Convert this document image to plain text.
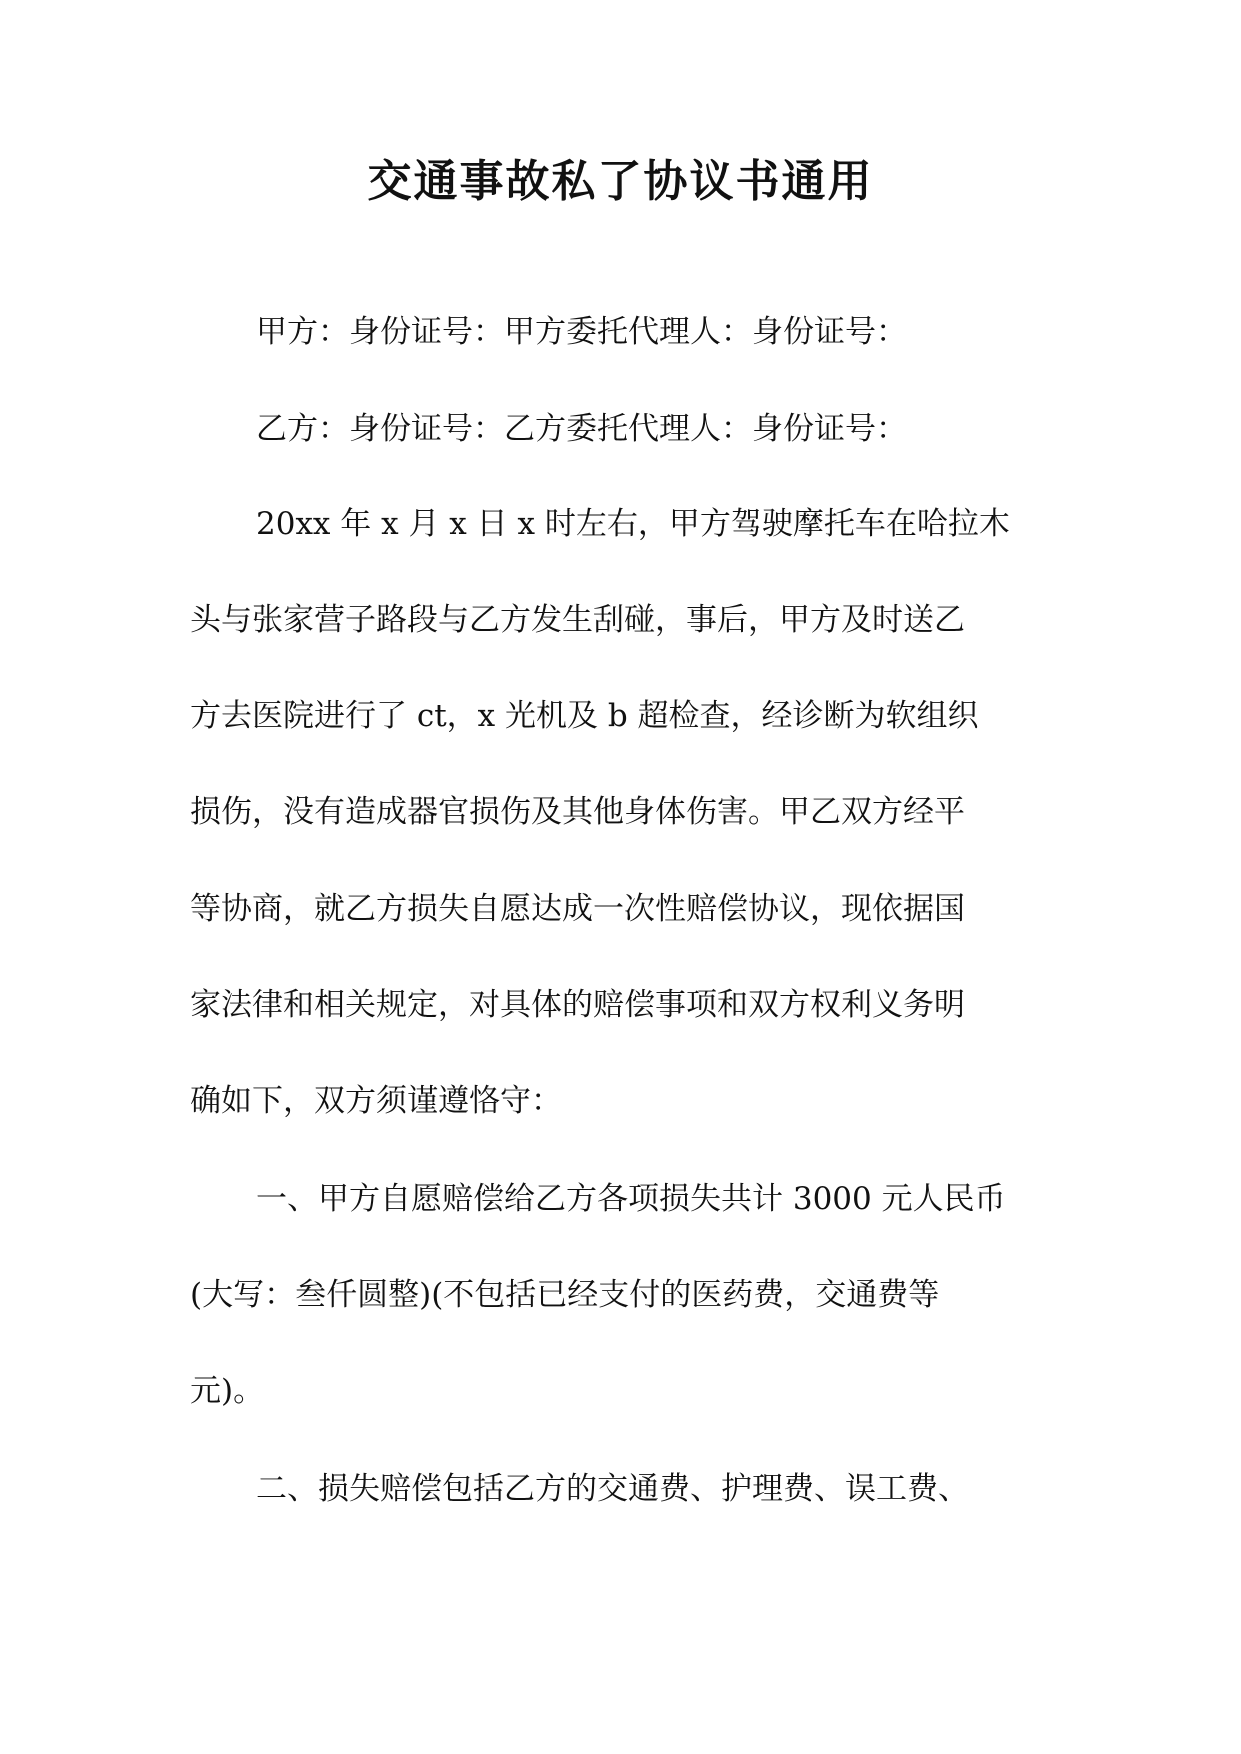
交通事故私了协议书通用

甲方：身份证号：甲方委托代理人：身份证号：

乙方：身份证号：乙方委托代理人：身份证号：

20xx 年 x 月 x 日 x 时左右，甲方驾驶摩托车在哈拉木

头与张家营子路段与乙方发生刮碰，事后，甲方及时送乙

方去医院进行了 ct，x 光机及 b 超检查，经诊断为软组织

损伤，没有造成器官损伤及其他身体伤害。甲乙双方经平

等协商，就乙方损失自愿达成一次性赔偿协议，现依据国

家法律和相关规定，对具体的赔偿事项和双方权利义务明

确如下，双方须谨遵恪守：

一、甲方自愿赔偿给乙方各项损失共计 3000 元人民币

(大写：叁仟圆整)(不包括已经支付的医药费，交通费等

元)。

二、损失赔偿包括乙方的交通费、护理费、误工费、
